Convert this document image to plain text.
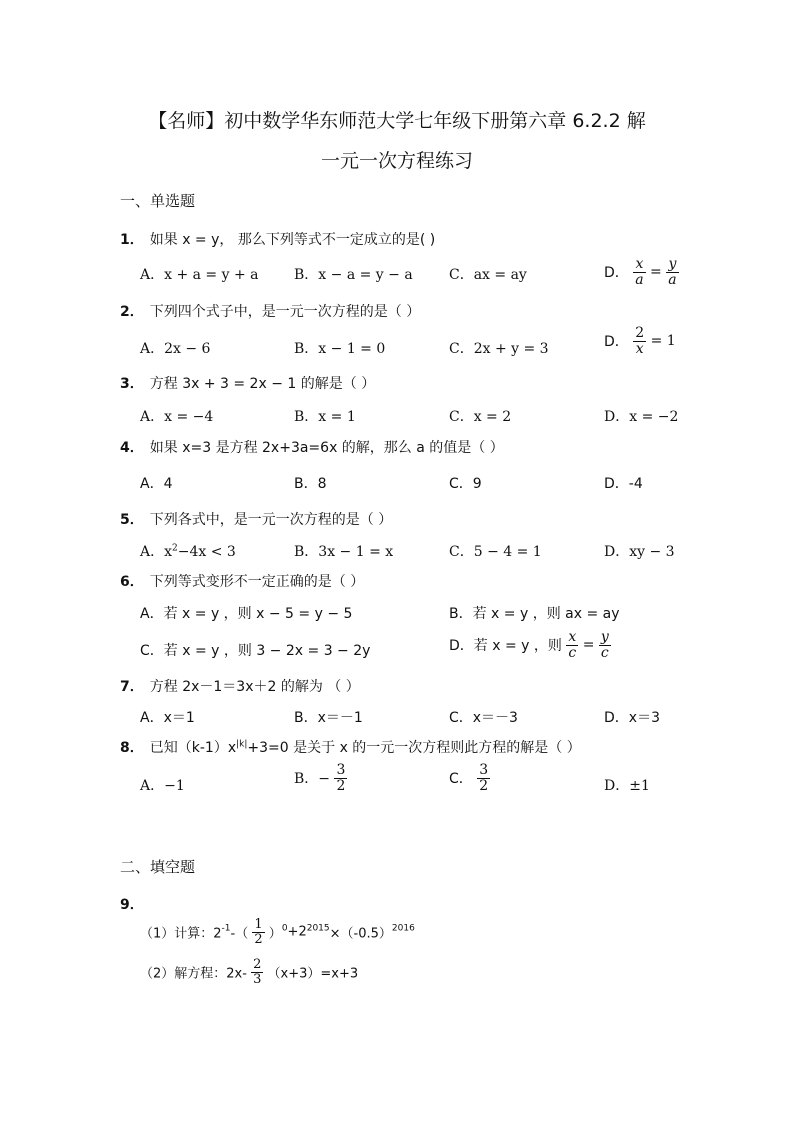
【名师】初中数学华东师范大学七年级下册第六章 6.2.2 解
一元一次方程练习
一、单选题
1． 如果 x = y， 那么下列等式不一定成立的是( )
A．x + a = y + a	B．x − a = y − a	C．ax = ay	D． $\frac{x}{a} = \frac{y}{a}$
2． 下列四个式子中，是一元一次方程的是（ ）
A．2x − 6	B．x − 1 = 0	C．2x + y = 3	D． $\frac{2}{x} = 1$
3． 方程 3x + 3 = 2x − 1 的解是（ ）
A．x = −4	B．x = 1	C．x = 2	D．x = −2
4． 如果 x=3 是方程 2x+3a=6x 的解，那么 a 的值是（ ）
A．4	B．8	C．9	D．-4
5． 下列各式中，是一元一次方程的是（ ）
A．$x^2-4x < 3$	B．3x − 1 = x	C．5 − 4 = 1	D．xy − 3
6． 下列等式变形不一定正确的是（ ）
A．若 x = y ，则 x − 5 = y − 5	B．若 x = y ，则 ax = ay
C．若 x = y ，则 3 − 2x = 3 − 2y	D．若 x = y ，则 $\frac{x}{c} = \frac{y}{c}$
7． 方程 2x－1＝3x＋2 的解为 （ ）
A．x＝1	B．x＝－1	C．x＝－3	D．x＝3
8． 已知$(k-1)x^{|k|}+3=0$ 是关于 x 的一元一次方程则此方程的解是（ ）
A．−1	B．− $\frac{3}{2}$	C． $\frac{3}{2}$	D．±1
二、填空题
9．
（1）计算：$2^{-1}-( \frac{1}{2} )^0+2^{2015}\times(-0.5)^{2016}$
（2）解方程：$2x- \frac{2}{3} (x+3)=x+3$
